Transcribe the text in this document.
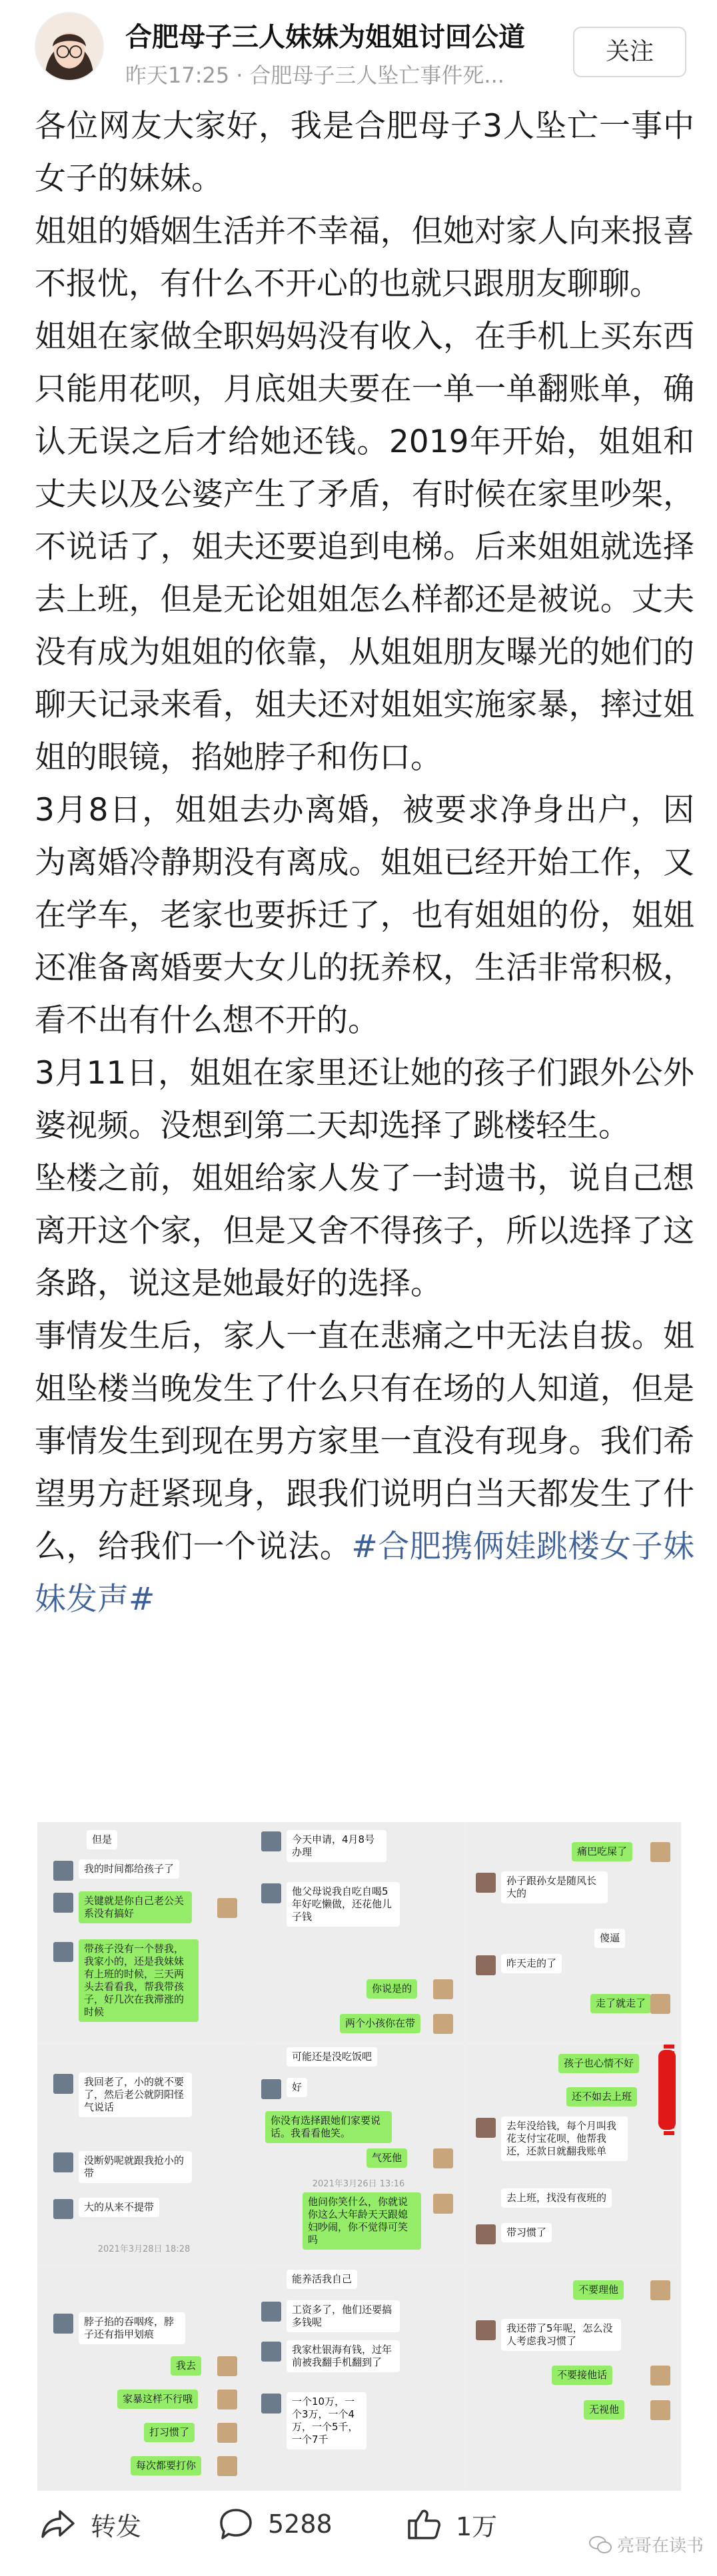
合肥母子三人妹妹为姐姐讨回公道
昨天17:25 · 合肥母子三人坠亡事件死...
关注

各位网友大家好，我是合肥母子3人坠亡一事中女子的妹妹。

姐姐的婚姻生活并不幸福，但她对家人向来报喜不报忧，有什么不开心的也就只跟朋友聊聊。

姐姐在家做全职妈妈没有收入，在手机上买东西只能用花呗，月底姐夫要在一单一单翻账单，确认无误之后才给她还钱。2019年开始，姐姐和丈夫以及公婆产生了矛盾，有时候在家里吵架，不说话了，姐夫还要追到电梯。后来姐姐就选择去上班，但是无论姐姐怎么样都还是被说。丈夫没有成为姐姐的依靠，从姐姐朋友曝光的她们的聊天记录来看，姐夫还对姐姐实施家暴，摔过姐姐的眼镜，掐她脖子和伤口。

3月8日，姐姐去办离婚，被要求净身出户，因为离婚冷静期没有离成。姐姐已经开始工作，又在学车，老家也要拆迁了，也有姐姐的份，姐姐还准备离婚要大女儿的抚养权，生活非常积极，看不出有什么想不开的。

3月11日，姐姐在家里还让她的孩子们跟外公外婆视频。没想到第二天却选择了跳楼轻生。

坠楼之前，姐姐给家人发了一封遗书，说自己想离开这个家，但是又舍不得孩子，所以选择了这条路，说这是她最好的选择。

事情发生后，家人一直在悲痛之中无法自拔。姐姐坠楼当晚发生了什么只有在场的人知道，但是事情发生到现在男方家里一直没有现身。我们希望男方赶紧现身，跟我们说明白当天都发生了什么，给我们一个说法。#合肥携俩娃跳楼女子妹妹发声#

但是
我的时间都给孩子了
关键就是你自己老公关系没有搞好
带孩子没有一个替我，我家小的，还是我妹妹有上班的时候，三天两头去看看我，帮我带孩子，好几次在我滞涨的时候
今天申请，4月8号办理
他父母说我自吃自喝5年好吃懒做，还花他儿子钱
你说是的
两个小孩你在带
痛巴吃屎了
孙子跟孙女是随风长大的
傻逼
昨天走的了
走了就走了
我回老了，小的就不要了，然后老公就阴阳怪气说话
没断奶呢就跟我抢小的带
大的从来不提带
2021年3月28日 18:28
可能还是没吃饭吧
好
你没有选择跟她们家要说话。我看看他笑。
气死他
2021年3月26日 13:16
他问你笑什么，你就说你这么大年龄天天跟媳妇吵闹，你不觉得可笑吗
孩子也心情不好
还不如去上班
去年没给钱，每个月叫我花支付宝花呗，他帮我还，还款日就翻我账单
去上班，找没有夜班的
带习惯了
脖子掐的吞咽疼，脖子还有指甲划痕
我去
家暴这样不行哦
打习惯了
每次都要打你
能养活我自己
工资多了，他们还要搞多钱呢
我家杜银海有钱，过年前被我翻手机翻到了
一个10万，一个3万，一个4万，一个5千，一个7千
不要理他
我还带了5年呢，怎么没人考虑我习惯了
不要接他话
无视他
转发	5288	1万
亮哥在读书
